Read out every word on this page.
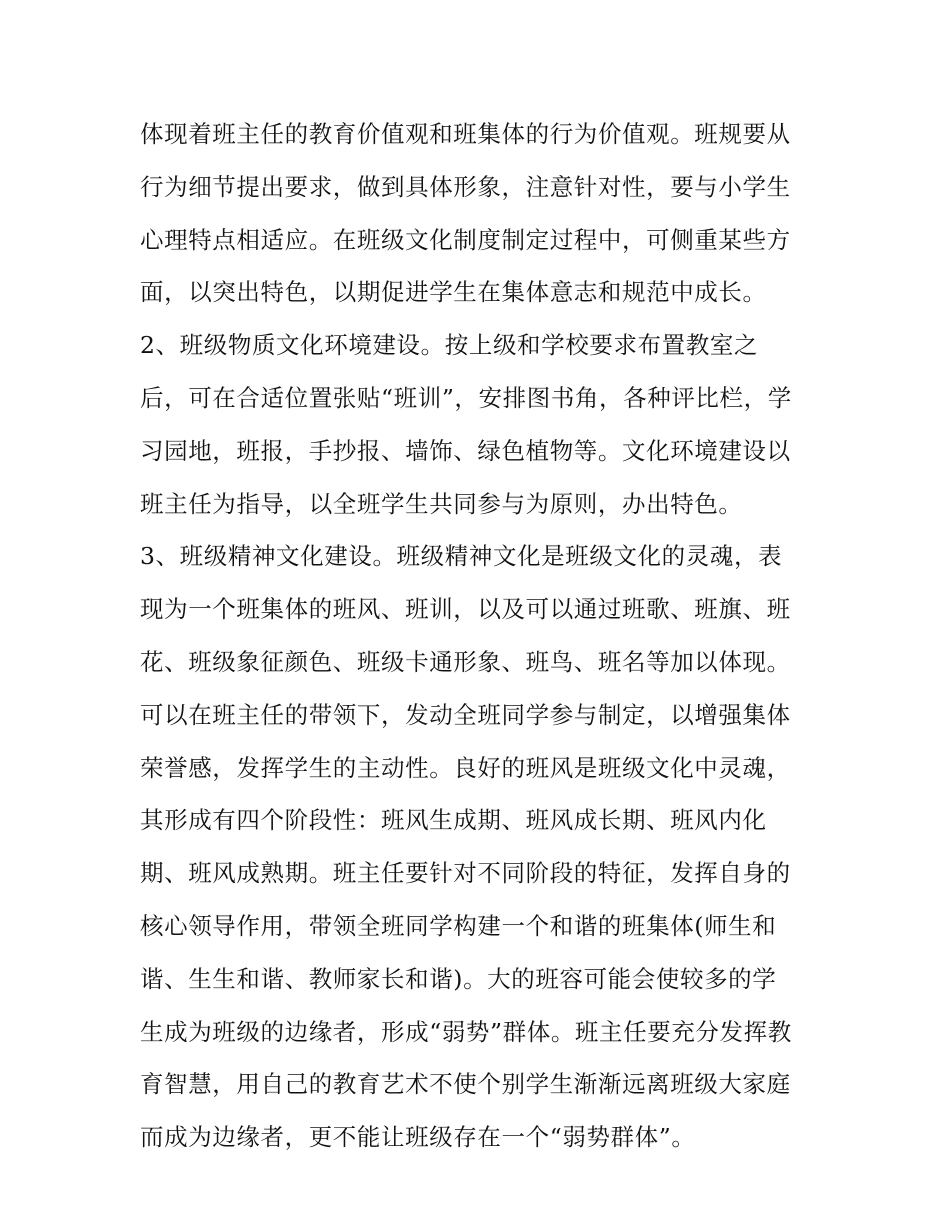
体现着班主任的教育价值观和班集体的行为价值观。班规要从
行为细节提出要求，做到具体形象，注意针对性，要与小学生
心理特点相适应。在班级文化制度制定过程中，可侧重某些方
面，以突出特色，以期促进学生在集体意志和规范中成长。
2、班级物质文化环境建设。按上级和学校要求布置教室之
后，可在合适位置张贴“班训”，安排图书角，各种评比栏，学
习园地，班报，手抄报、墙饰、绿色植物等。文化环境建设以
班主任为指导，以全班学生共同参与为原则，办出特色。
3、班级精神文化建设。班级精神文化是班级文化的灵魂，表
现为一个班集体的班风、班训，以及可以通过班歌、班旗、班
花、班级象征颜色、班级卡通形象、班鸟、班名等加以体现。
可以在班主任的带领下，发动全班同学参与制定，以增强集体
荣誉感，发挥学生的主动性。良好的班风是班级文化中灵魂，
其形成有四个阶段性：班风生成期、班风成长期、班风内化
期、班风成熟期。班主任要针对不同阶段的特征，发挥自身的
核心领导作用，带领全班同学构建一个和谐的班集体(师生和
谐、生生和谐、教师家长和谐)。大的班容可能会使较多的学
生成为班级的边缘者，形成“弱势”群体。班主任要充分发挥教
育智慧，用自己的教育艺术不使个别学生渐渐远离班级大家庭
而成为边缘者，更不能让班级存在一个“弱势群体”。
